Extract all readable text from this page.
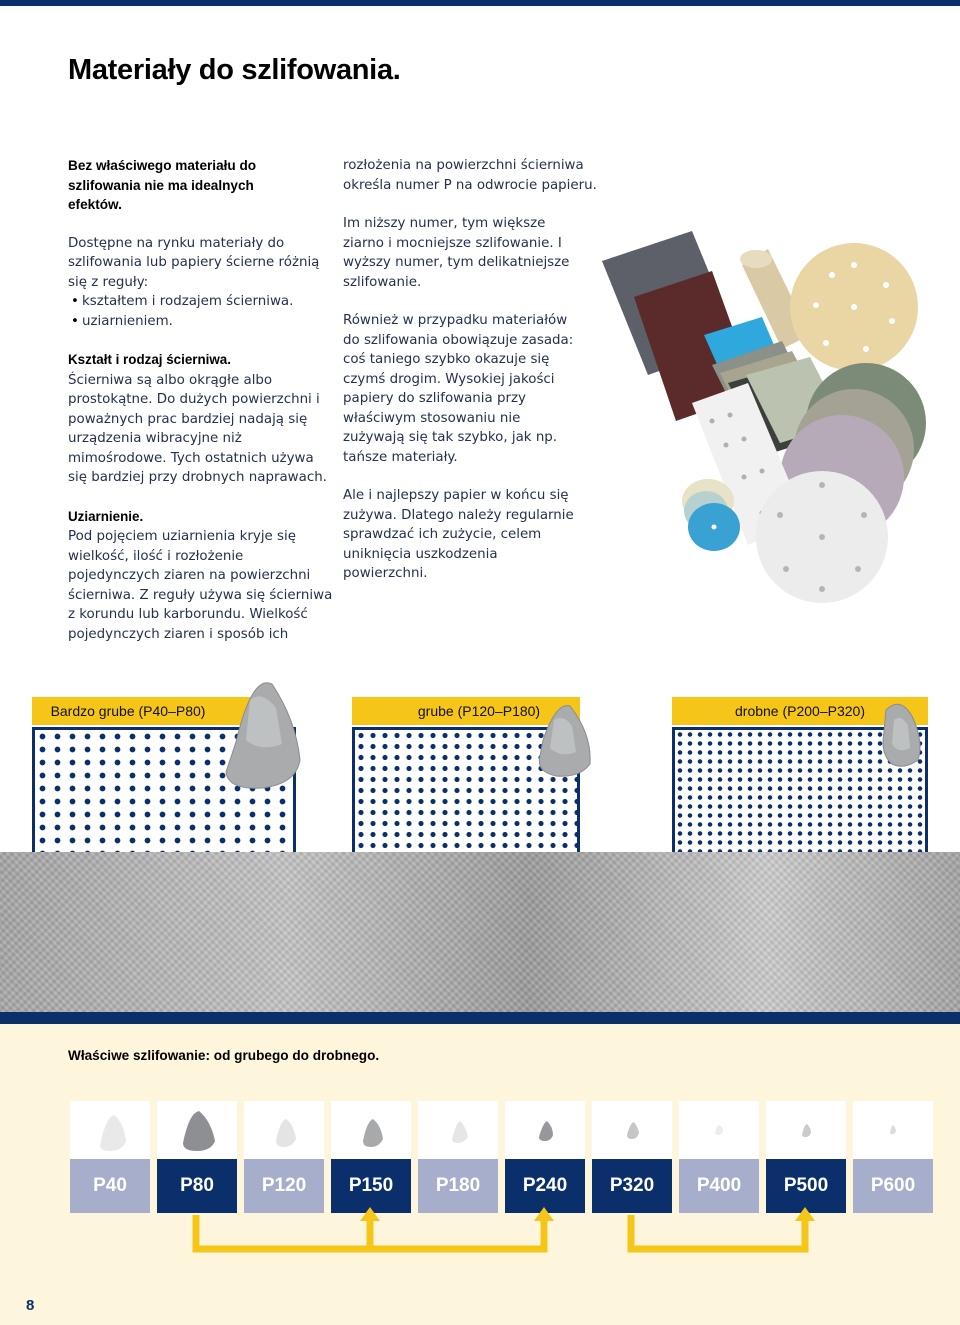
Materiały do szlifowania.

Bez właściwego materiału do szlifowania nie ma idealnych efektów.

Dostępne na rynku materiały do szlifowania lub papiery ścierne różnią się z reguły:

• kształtem i rodzajem ścierniwa.
• uziarnieniem.

Kształt i rodzaj ścierniwa.
Ścierniwa są albo okrągłe albo prostokątne. Do dużych powierzchni i poważnych prac bardziej nadają się urządzenia wibracyjne niż mimośrodowe. Tych ostatnich używa się bardziej przy drobnych naprawach.

Uziarnienie.
Pod pojęciem uziarnienia kryje się wielkość, ilość i rozłożenie pojedynczych ziaren na powierzchni ścierniwa. Z reguły używa się ścierniwa z korundu lub karborundu. Wielkość pojedynczych ziaren i sposób ich

rozłożenia na powierzchni ścierniwa określa numer P na odwrocie papieru.

Im niższy numer, tym większe ziarno i mocniejsze szlifowanie. I wyższy numer, tym delikatniejsze szlifowanie.

Również w przypadku materiałów do szlifowania obowiązuje zasada: coś taniego szybko okazuje się czymś drogim. Wysokiej jakości papiery do szlifowania przy właściwym stosowaniu nie zużywają się tak szybko, jak np. tańsze materiały.

Ale i najlepszy papier w końcu się zużywa. Dlatego należy regularnie sprawdzać ich zużycie, celem uniknięcia uszkodzenia powierzchni.

Bardzo grube (P40–P80)	grube (P120–P180)	drobne (P200–P320)
Właściwe szlifowanie: od grubego do drobnego.
P40	P80	P120	P150	P180	P240	P320	P400	P500	P600
8
